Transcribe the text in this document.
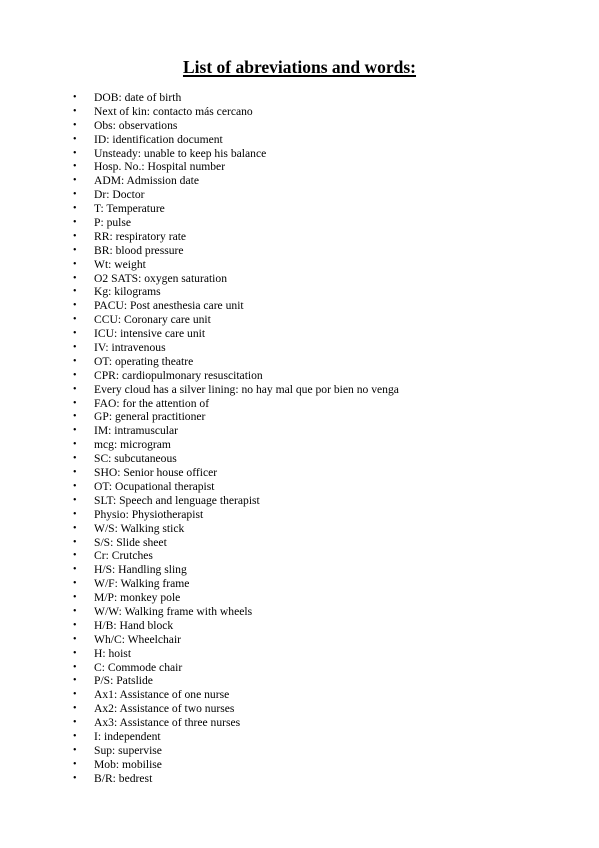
List of abreviations and words:
• DOB: date of birth
• Next of kin: contacto más cercano
• Obs: observations
• ID: identification document
• Unsteady: unable to keep his balance
• Hosp. No.: Hospital number
• ADM: Admission date
• Dr: Doctor
• T: Temperature
• P: pulse
• RR: respiratory rate
• BR: blood pressure
• Wt: weight
• O2 SATS: oxygen saturation
• Kg: kilograms
• PACU: Post anesthesia care unit
• CCU: Coronary care unit
• ICU: intensive care unit
• IV: intravenous
• OT: operating theatre
• CPR: cardiopulmonary resuscitation
• Every cloud has a silver lining: no hay mal que por bien no venga
• FAO: for the attention of
• GP: general practitioner
• IM: intramuscular
• mcg: microgram
• SC: subcutaneous
• SHO: Senior house officer
• OT: Ocupational therapist
• SLT: Speech and lenguage therapist
• Physio: Physiotherapist
• W/S: Walking stick
• S/S: Slide sheet
• Cr: Crutches
• H/S: Handling sling
• W/F: Walking frame
• M/P: monkey pole
• W/W: Walking frame with wheels
• H/B: Hand block
• Wh/C: Wheelchair
• H: hoist
• C: Commode chair
• P/S: Patslide
• Ax1: Assistance of one nurse
• Ax2: Assistance of two nurses
• Ax3: Assistance of three nurses
• I: independent
• Sup: supervise
• Mob: mobilise
• B/R: bedrest
